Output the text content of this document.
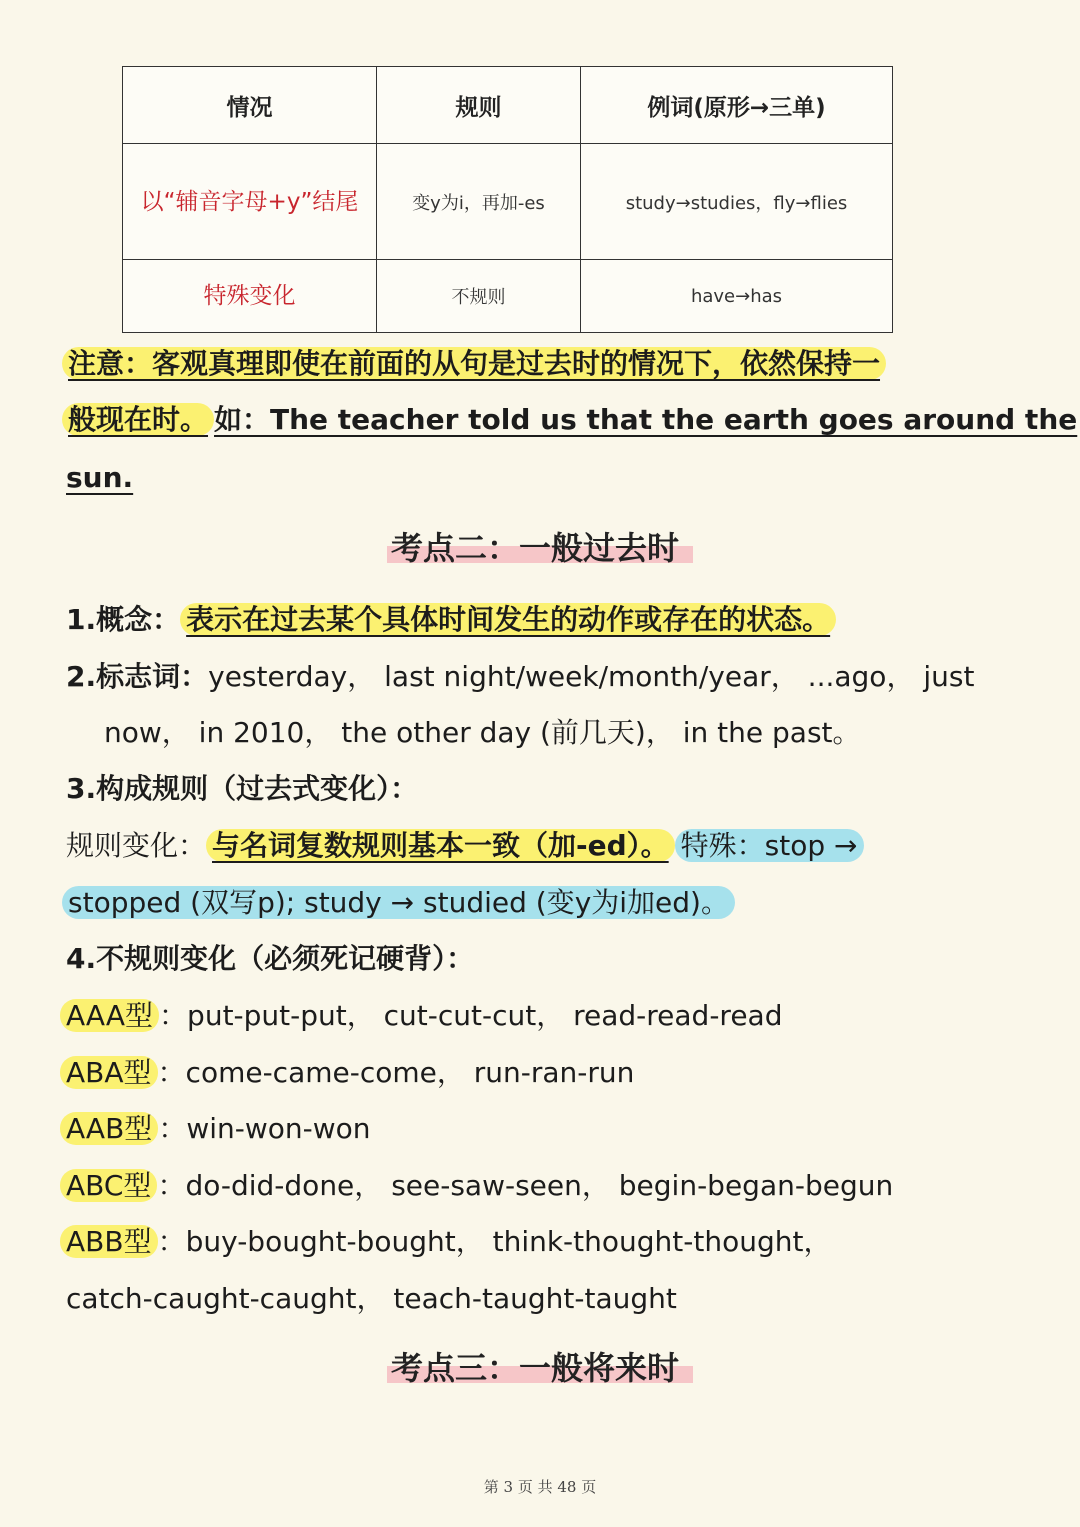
情况	规则	例词(原形→三单)
以“辅音字母+y”结尾	变y为i，再加-es	study→studies，fly→flies
特殊变化	不规则	have→has
注意：客观真理即使在前面的从句是过去时的情况下，依然保持一
般现在时。 如：The teacher told us that the earth goes around the
sun.
考点二：一般过去时
1.概念： 表示在过去某个具体时间发生的动作或存在的状态。
2.标志词：yesterday， last night/week/month/year， ...ago， just
now， in 2010， the other day (前几天)， in the past。
3.构成规则（过去式变化）：
规则变化： 与名词复数规则基本一致（加-ed）。 特殊：stop →
stopped (双写p); study → studied (变y为i加ed)。
4.不规则变化（必须死记硬背）：
AAA型 ：put-put-put， cut-cut-cut， read-read-read
ABA型 ：come-came-come， run-ran-run
AAB型 ：win-won-won
ABC型 ：do-did-done， see-saw-seen， begin-began-begun
ABB型 ：buy-bought-bought， think-thought-thought，
catch-caught-caught， teach-taught-taught
考点三：一般将来时
第 3 页 共 48 页
